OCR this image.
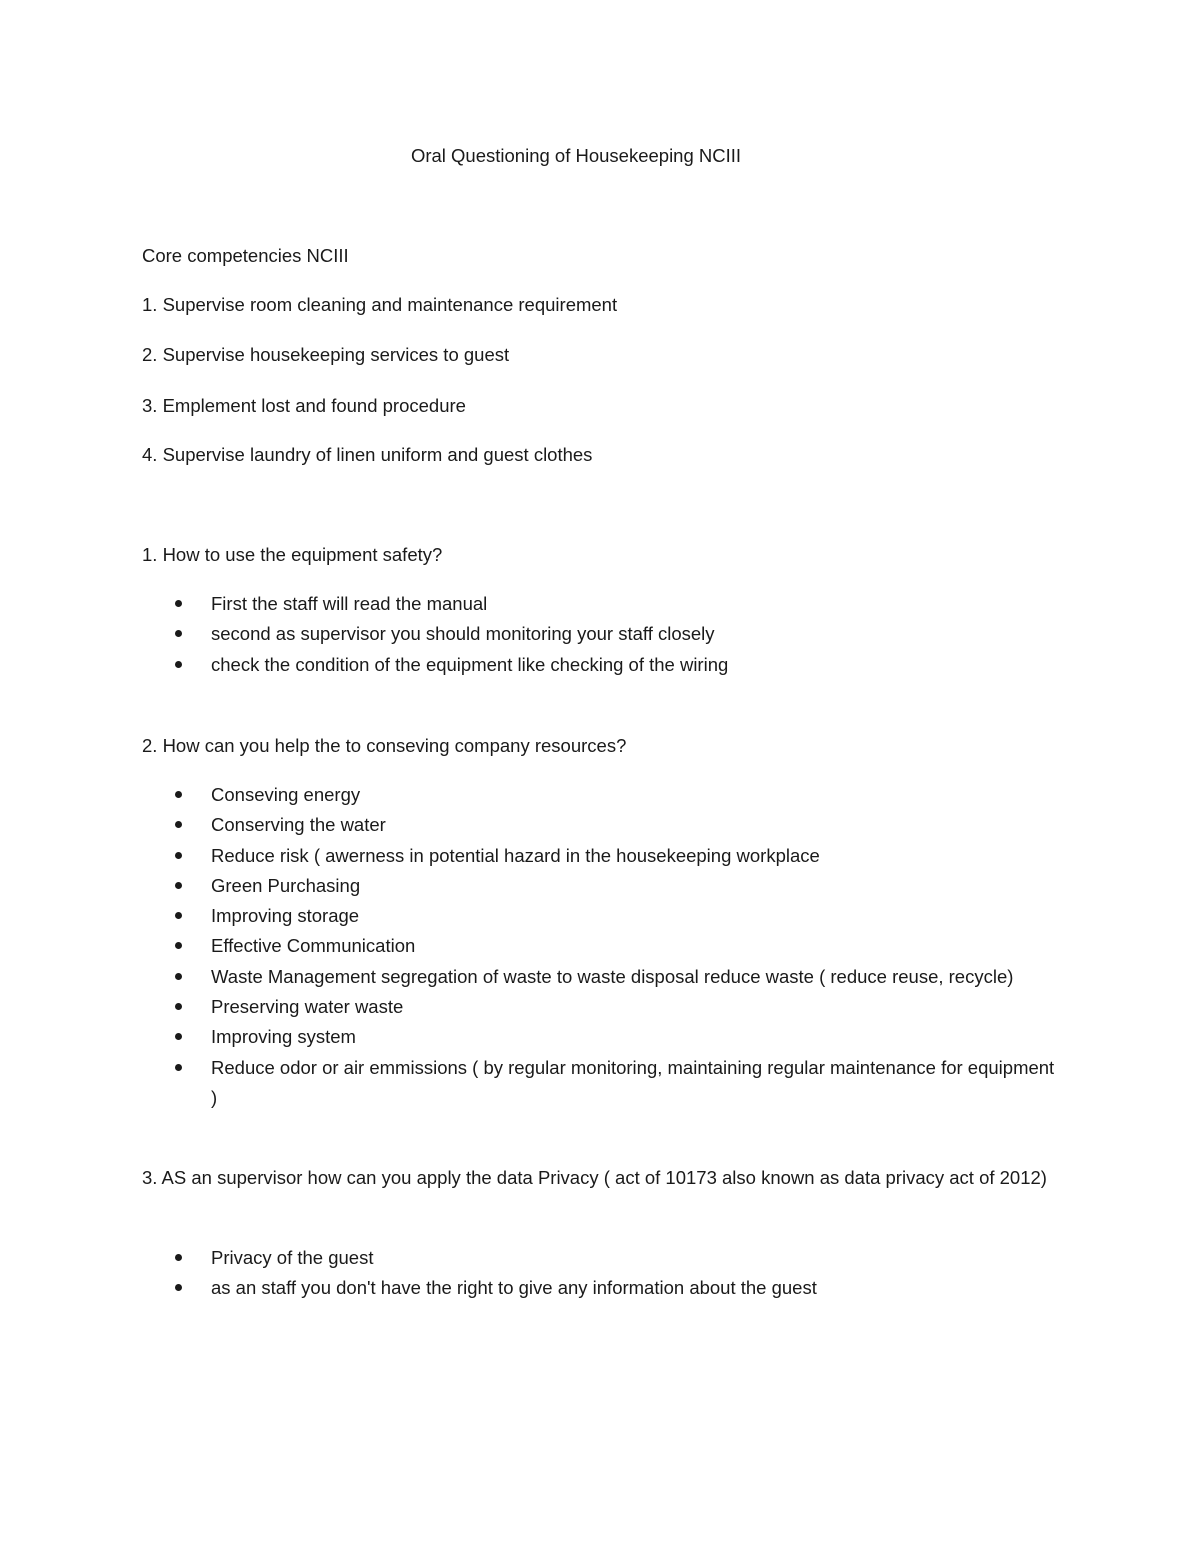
Oral Questioning of Housekeeping NCIII
Core competencies NCIII
1. Supervise room cleaning and maintenance requirement
2. Supervise housekeeping services to guest
3. Emplement lost and found procedure
4. Supervise laundry of linen uniform and guest clothes
1. How to use the equipment safety?
First the staff will read the manual
second as supervisor you should monitoring your staff closely
check the condition of the equipment like checking of the wiring
2. How can you help the to conseving company resources?
Conseving energy
Conserving the water
Reduce risk ( awerness in potential hazard in the housekeeping workplace
Green Purchasing
Improving storage
Effective Communication
Waste Management segregation of waste to waste disposal reduce waste ( reduce reuse, recycle)
Preserving water waste
Improving system
Reduce odor or air emmissions ( by regular monitoring, maintaining regular maintenance for equipment )
3. AS an supervisor how can you apply the data Privacy ( act of 10173 also known as data privacy act of 2012)
Privacy of the guest
as an staff you don't have the right to give any information about the guest
